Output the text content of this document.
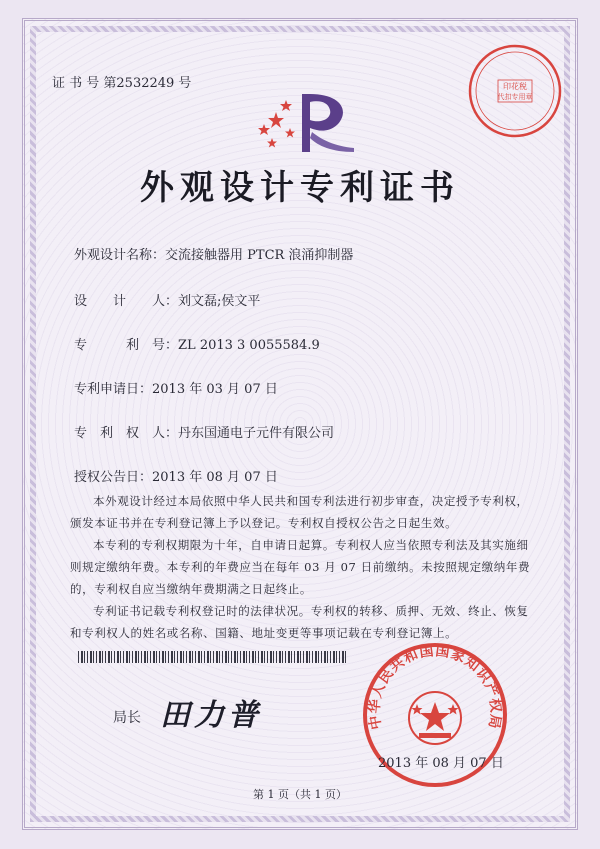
证 书 号 第2532249 号	印花税
代扣专用章
外观设计专利证书
外观设计名称：交流接触器用 PTCR 浪涌抑制器
设　　计　　人：刘文磊;侯文平
专　　　利　号：ZL 2013 3 0055584.9
专利申请日：2013 年 03 月 07 日
专　利　权　人：丹东国通电子元件有限公司
授权公告日：2013 年 08 月 07 日
本外观设计经过本局依照中华人民共和国专利法进行初步审查，决定授予专利权，颁发本证书并在专利登记簿上予以登记。专利权自授权公告之日起生效。
本专利的专利权期限为十年，自申请日起算。专利权人应当依照专利法及其实施细则规定缴纳年费。本专利的年费应当在每年 03 月 07 日前缴纳。未按照规定缴纳年费的，专利权自应当缴纳年费期满之日起终止。
专利证书记载专利权登记时的法律状况。专利权的转移、质押、无效、终止、恢复和专利权人的姓名或名称、国籍、地址变更等事项记载在专利登记簿上。
局长 田力普	中华人民共和国国家知识产权局
2013 年 08 月 07 日
第 1 页（共 1 页）
